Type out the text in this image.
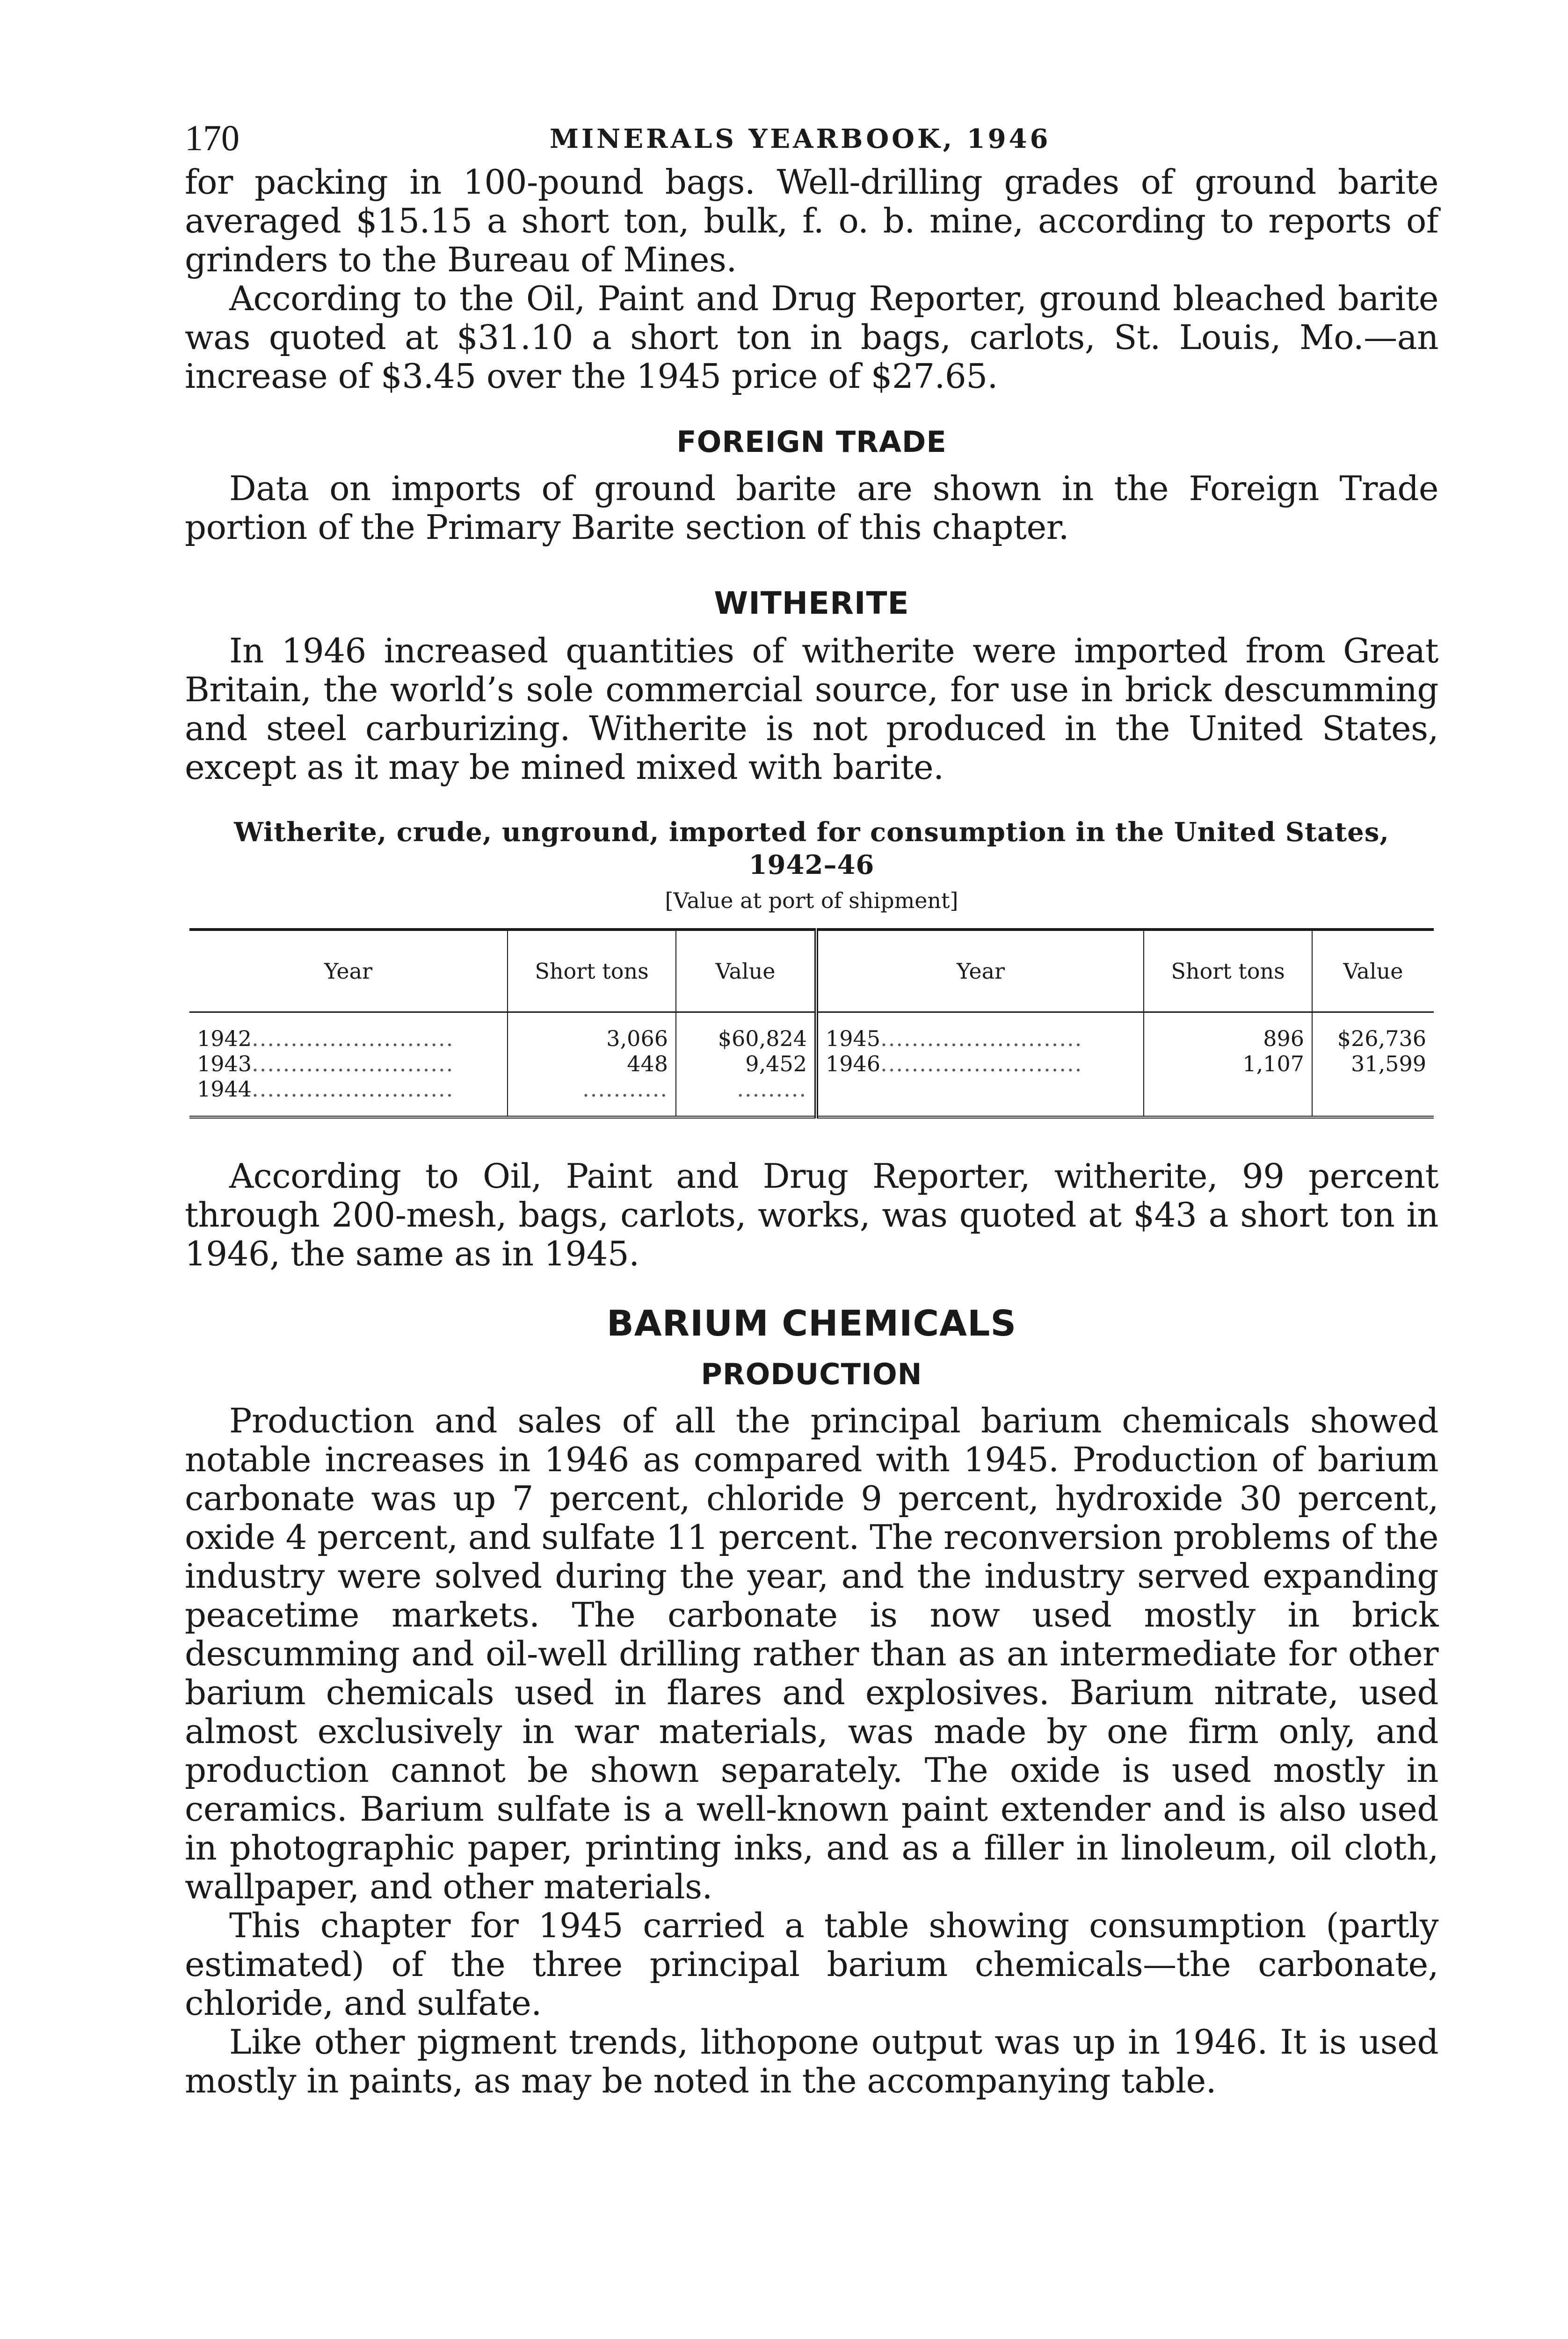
170	MINERALS YEARBOOK, 1946

for packing in 100-pound bags. Well-drilling grades of ground barite averaged $15.15 a short ton, bulk, f. o. b. mine, according to reports of grinders to the Bureau of Mines.

According to the Oil, Paint and Drug Reporter, ground bleached barite was quoted at $31.10 a short ton in bags, carlots, St. Louis, Mo.—an increase of $3.45 over the 1945 price of $27.65.

FOREIGN TRADE

Data on imports of ground barite are shown in the Foreign Trade portion of the Primary Barite section of this chapter.

WITHERITE

In 1946 increased quantities of witherite were imported from Great Britain, the world’s sole commercial source, for use in brick descumming and steel carburizing. Witherite is not produced in the United States, except as it may be mined mixed with barite.

Witherite, crude, unground, imported for consumption in the United States,

1942–46

[Value at port of shipment]

Year	Short tons	Value	Year	Short tons	Value
1942..........................	3,066	$60,824	1945..........................	896	$26,736
1943..........................	448	9,452	1946..........................	1,107	31,599
1944..........................	...........	.........			

According to Oil, Paint and Drug Reporter, witherite, 99 percent through 200-mesh, bags, carlots, works, was quoted at $43 a short ton in 1946, the same as in 1945.

BARIUM CHEMICALS
PRODUCTION

Production and sales of all the principal barium chemicals showed notable increases in 1946 as compared with 1945. Production of barium carbonate was up 7 percent, chloride 9 percent, hydroxide 30 percent, oxide 4 percent, and sulfate 11 percent. The reconversion problems of the industry were solved during the year, and the industry served expanding peacetime markets. The carbonate is now used mostly in brick descumming and oil-well drilling rather than as an intermediate for other barium chemicals used in flares and explosives. Barium nitrate, used almost exclusively in war materials, was made by one firm only, and production cannot be shown separately. The oxide is used mostly in ceramics. Barium sulfate is a well-known paint extender and is also used in photographic paper, printing inks, and as a filler in linoleum, oil cloth, wallpaper, and other materials.

This chapter for 1945 carried a table showing consumption (partly estimated) of the three principal barium chemicals—the carbonate, chloride, and sulfate.

Like other pigment trends, lithopone output was up in 1946. It is used mostly in paints, as may be noted in the accompanying table.
